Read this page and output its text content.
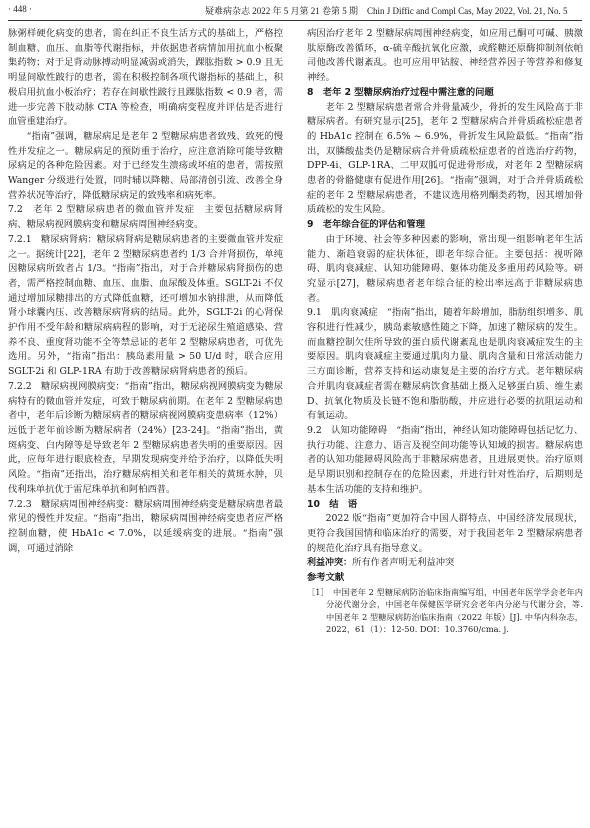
· 448 ·	疑难病杂志 2022 年 5 月第 21 卷第 5 期　Chin J Diffic and Compl Cas, May 2022, Vol. 21, No. 5

脉粥样硬化病变的患者，需在纠正不良生活方式的基础上，严格控制血糖、血压、血脂等代谢指标，并依据患者病情加用抗血小板聚集药物；对于足背动脉搏动明显减弱或消失，踝肱指数 > 0.9 且无明显间歇性跛行的患者，需在积极控制各项代谢指标的基础上，积极启用抗血小板治疗；若存在间歇性跛行且踝肱指数 < 0.9 者，需进一步完善下肢动脉 CTA 等检查，明确病变程度并评估是否进行血管重建治疗。

“指南”强调，糖尿病足是老年 2 型糖尿病患者致残、致死的慢性并发症之一。糖尿病足的预防重于治疗，应注意消除可能导致糖尿病足的各种危险因素。对于已经发生溃疡或坏疽的患者，需按照 Wanger 分级进行处置，同时辅以降糖、局部清创引流、改善全身营养状况等治疗，降低糖尿病足的致残率和病死率。

7.2　老年 2 型糖尿病患者的微血管并发症　主要包括糖尿病肾病、糖尿病视网膜病变和糖尿病周围神经病变。

7.2.1　糖尿病肾病：糖尿病肾病是糖尿病患者的主要微血管并发症之一。据统计[22]，老年 2 型糖尿病患者约 1/3 合并肾损伤，单纯因糖尿病所致者占 1/3。“指南”指出，对于合并糖尿病肾损伤的患者，需严格控制血糖、血压、血脂、血尿酸及体重。SGLT-2i 不仅通过增加尿糖排出的方式降低血糖，还可增加水钠排泄，从而降低肾小球囊内压、改善糖尿病肾病的结局。此外，SGLT-2i 的心肾保护作用不受年龄和糖尿病病程的影响，对于无泌尿生殖道感染、营养不良、重度肾功能不全等禁忌证的老年 2 型糖尿病患者，可优先选用。另外，“指南”指出：胰岛素用量 > 50 U/d 时，联合应用 SGLT-2i 和 GLP-1RA 有助于改善糖尿病肾病患者的预后。

7.2.2　糖尿病视网膜病变：“指南”指出，糖尿病视网膜病变为糖尿病特有的微血管并发症，可致于糖尿病前期。在老年 2 型糖尿病患者中，老年后诊断为糖尿病者的糖尿病视网膜病变患病率（12%）远低于老年前诊断为糖尿病者（24%）[23-24]。“指南”指出，黄斑病变、白内障等是导致老年 2 型糖尿病患者失明的重要原因。因此，应每年进行眼底检查，早期发现病变并给予治疗，以降低失明风险。“指南”还指出，治疗糖尿病相关和老年相关的黄斑水肿，贝伐利珠单抗优于雷尼珠单抗和阿柏西普。

7.2.3　糖尿病周围神经病变：糖尿病周围神经病变是糖尿病患者最常见的慢性并发症。“指南”指出，糖尿病周围神经病变患者应严格控制血糖，使 HbA1c < 7.0%，以延缓病变的进展。“指南”强调，可通过消除

病因治疗老年 2 型糖尿病周围神经病变，如应用己酮可可碱、胰激肽原酶改善循环，α-硫辛酸抗氧化应激，或醛糖还原酶抑制剂依帕司他改善代谢紊乱。也可应用甲钴胺、神经营养因子等营养和修复神经。

8　老年 2 型糖尿病治疗过程中需注意的问题

老年 2 型糖尿病患者常合并骨量减少，骨折的发生风险高于非糖尿病者。有研究显示[25]，老年 2 型糖尿病合并骨质疏松症患者的 HbA1c 控制在 6.5% ~ 6.9%，骨折发生风险最低。“指南”指出，双膦酸盐类仍是糖尿病合并骨质疏松症患者的首选治疗药物，DPP-4i、GLP-1RA、二甲双胍可促进骨形成，对老年 2 型糖尿病患者的骨骼健康有促进作用[26]。“指南”强调，对于合并骨质疏松症的老年 2 型糖尿病患者，不建议选用格列酮类药物，因其增加骨质疏松的发生风险。

9　老年综合征的评估和管理

由于环境、社会等多种因素的影响，常出现一组影响老年生活能力、渐趋衰弱的症状体征，即老年综合征。主要包括：视听障碍、肌肉衰减症、认知功能障碍、躯体功能及多重用药风险等。研究显示[27]，糖尿病患者老年综合征的检出率远高于非糖尿病患者。

9.1　肌肉衰减症　“指南”指出，随着年龄增加，脂肪组织增多、肌容积进行性减少，胰岛素敏感性随之下降，加速了糖尿病的发生。而血糖控制欠佳所导致的蛋白质代谢紊乱也是肌肉衰减症发生的主要原因。肌肉衰减症主要通过肌肉力量、肌肉含量和日常活动能力三方面诊断，营养支持和运动康复是主要的治疗方式。老年糖尿病合并肌肉衰减症者需在糖尿病饮食基础上摄入足够蛋白质、维生素 D、抗氧化物质及长链不饱和脂肪酸，并应进行必要的抗阻运动和有氧运动。

9.2　认知功能障碍　“指南”指出，神经认知功能障碍包括记忆力、执行功能、注意力、语言及视空间功能等认知域的损害。糖尿病患者的认知功能障碍风险高于非糖尿病患者，且进展更快。治疗原则是早期识别和控制存在的危险因素，并进行针对性治疗，后期则是基本生活功能的支持和维护。

10　结　语

2022 版“指南”更加符合中国人群特点、中国经济发展现状，更符合我国国情和临床治疗的需要，对于我国老年 2 型糖尿病患者的规范化治疗具有指导意义。

利益冲突：所有作者声明无利益冲突

参考文献

［1］　中国老年 2 型糖尿病防治临床指南编写组，中国老年医学学会老年内分泌代谢分会，中国老年保健医学研究会老年内分泌与代谢分会，等. 中国老年 2 型糖尿病防治临床指南（2022 年版）[J]. 中华内科杂志，2022，61（1）：12-50. DOI：10.3760/cma. j.
